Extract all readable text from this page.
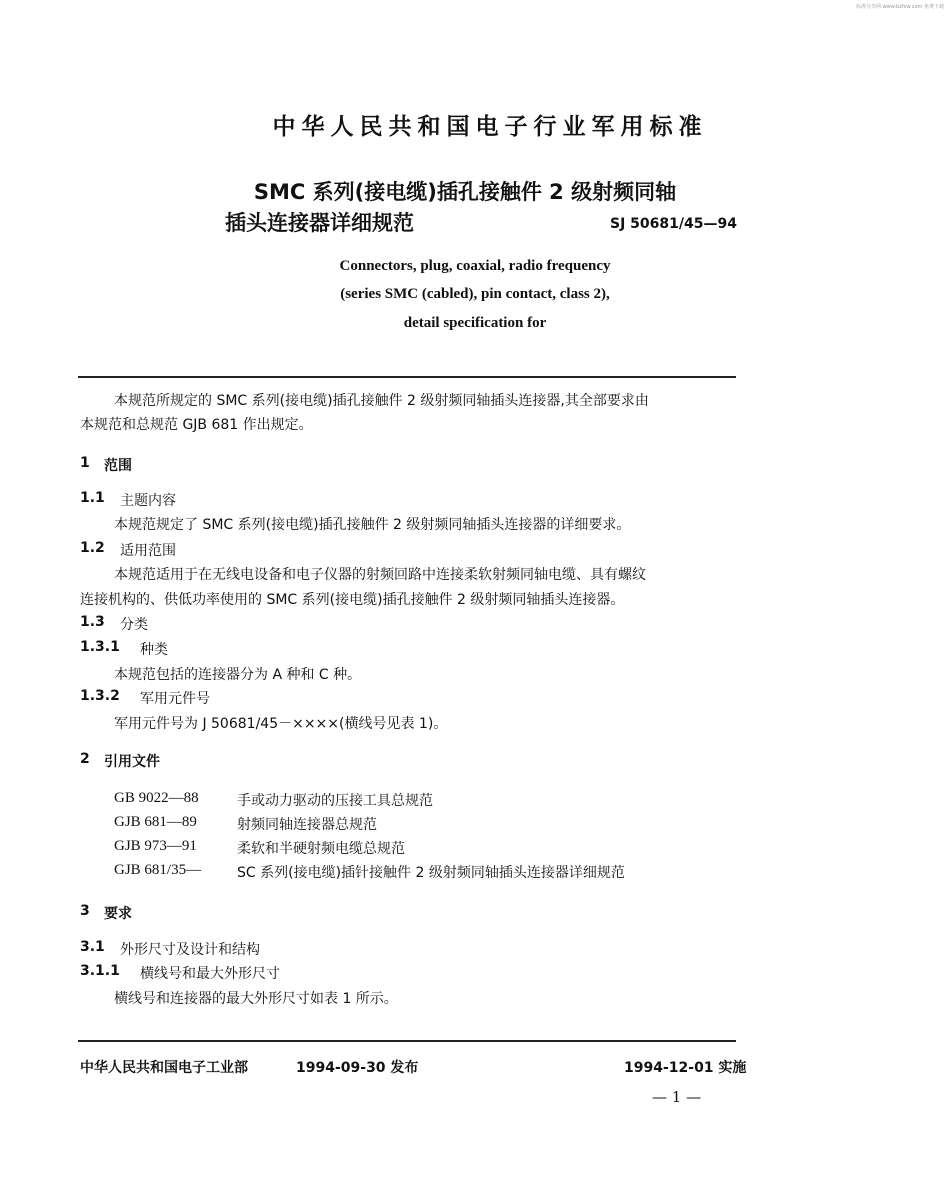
标准分享网 www.bzfxw.com 免费下载
中华人民共和国电子行业军用标准
SMC 系列(接电缆)插孔接触件 2 级射频同轴
插头连接器详细规范	SJ 50681/45—94
Connectors, plug, coaxial, radio frequency
(series SMC (cabled), pin contact, class 2),
detail specification for
本规范所规定的 SMC 系列(接电缆)插孔接触件 2 级射频同轴插头连接器,其全部要求由
本规范和总规范 GJB 681 作出规定。
1 范围
1.1 主题内容
本规范规定了 SMC 系列(接电缆)插孔接触件 2 级射频同轴插头连接器的详细要求。
1.2 适用范围
本规范适用于在无线电设备和电子仪器的射频回路中连接柔软射频同轴电缆、具有螺纹
连接机构的、供低功率使用的 SMC 系列(接电缆)插孔接触件 2 级射频同轴插头连接器。
1.3 分类
1.3.1 种类
本规范包括的连接器分为 A 种和 C 种。
1.3.2 军用元件号
军用元件号为 J 50681/45－××××(横线号见表 1)。
2 引用文件
GB 9022—88	手或动力驱动的压接工具总规范
GJB 681—89	射频同轴连接器总规范
GJB 973—91	柔软和半硬射频电缆总规范
GJB 681/35—	SC 系列(接电缆)插针接触件 2 级射频同轴插头连接器详细规范
3 要求
3.1 外形尺寸及设计和结构
3.1.1 横线号和最大外形尺寸
横线号和连接器的最大外形尺寸如表 1 所示。
中华人民共和国电子工业部	1994-09-30 发布	1994-12-01 实施
— 1 —
